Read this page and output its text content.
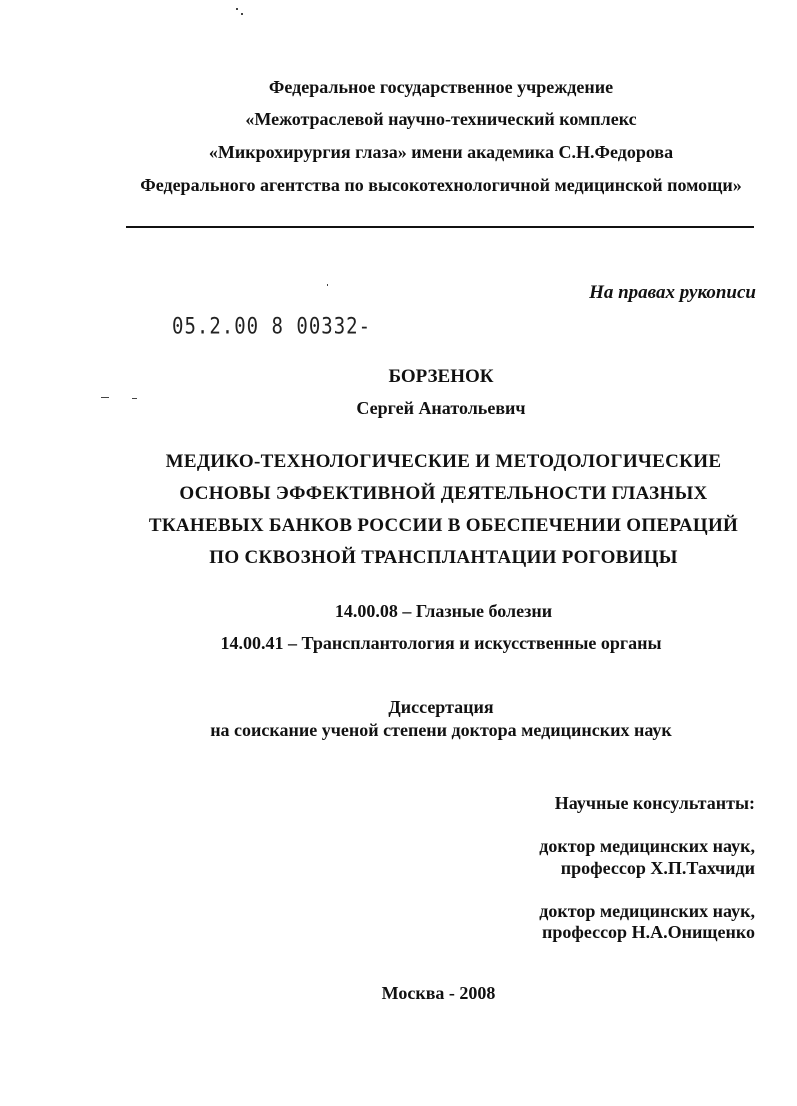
Федеральное государственное учреждение
«Межотраслевой научно-технический комплекс
«Микрохирургия глаза» имени академика С.Н.Федорова
Федерального агентства по высокотехнологичной медицинской помощи»
На правах рукописи
05.2.00 8 00332-
БОРЗЕНОК
Сергей Анатольевич
МЕДИКО-ТЕХНОЛОГИЧЕСКИЕ И МЕТОДОЛОГИЧЕСКИЕ
ОСНОВЫ ЭФФЕКТИВНОЙ ДЕЯТЕЛЬНОСТИ ГЛАЗНЫХ
ТКАНЕВЫХ БАНКОВ РОССИИ В ОБЕСПЕЧЕНИИ ОПЕРАЦИЙ
ПО СКВОЗНОЙ ТРАНСПЛАНТАЦИИ РОГОВИЦЫ
14.00.08 – Глазные болезни
14.00.41 – Трансплантология и искусственные органы
Диссертация
на соискание ученой степени доктора медицинских наук
Научные консультанты:
доктор медицинских наук,
профессор Х.П.Тахчиди
доктор медицинских наук,
профессор Н.А.Онищенко
Москва - 2008
